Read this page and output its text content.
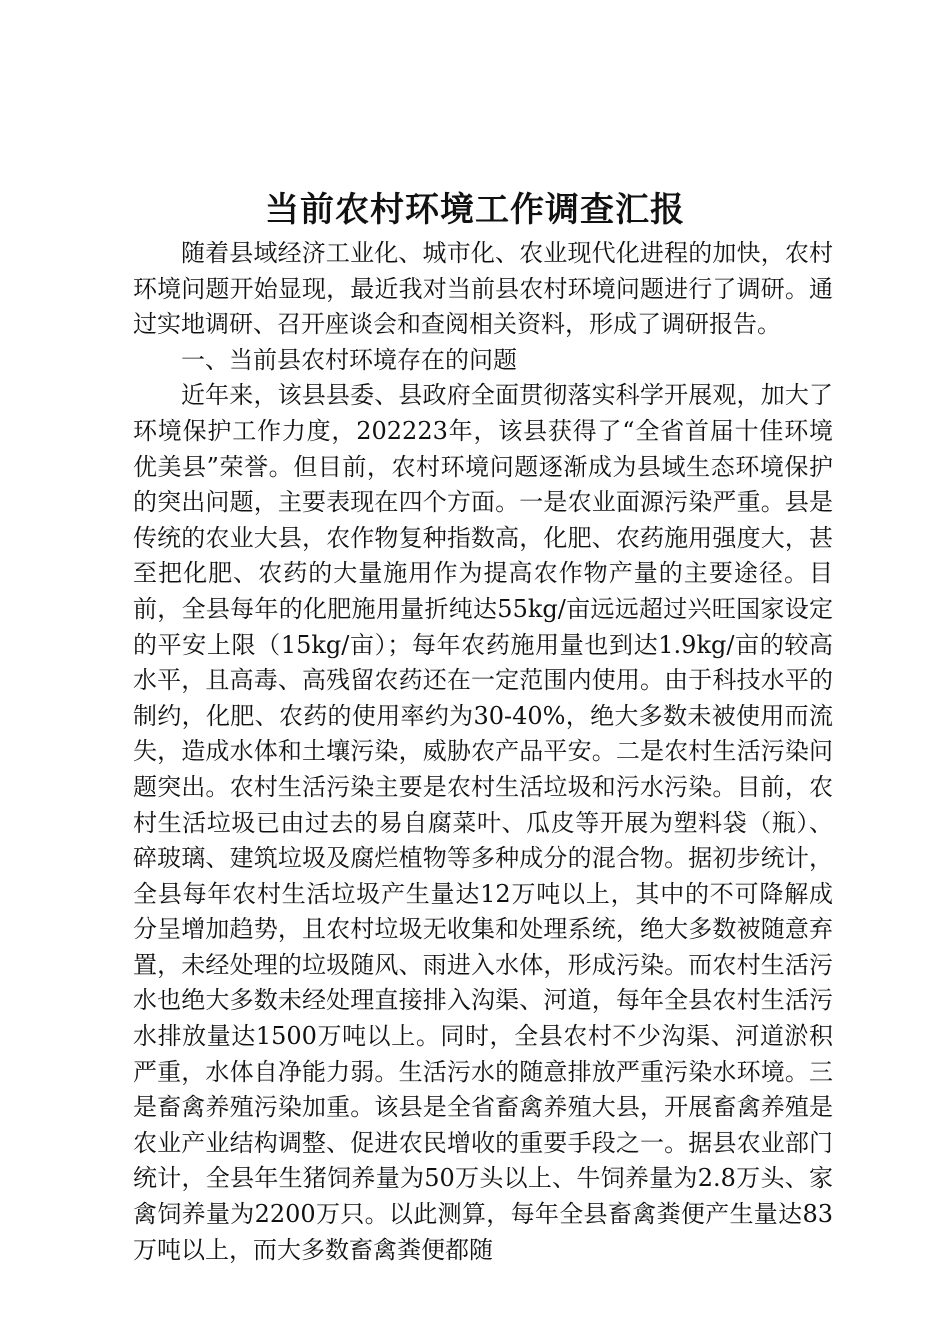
当前农村环境工作调查汇报

随着县域经济工业化、城市化、农业现代化进程的加快，农村环境问题开始显现，最近我对当前县农村环境问题进行了调研。通过实地调研、召开座谈会和查阅相关资料，形成了调研报告。

一、当前县农村环境存在的问题

近年来，该县县委、县政府全面贯彻落实科学开展观，加大了环境保护工作力度，202223年，该县获得了“全省首届十佳环境优美县”荣誉。但目前，农村环境问题逐渐成为县域生态环境保护的突出问题，主要表现在四个方面。一是农业面源污染严重。县是传统的农业大县，农作物复种指数高，化肥、农药施用强度大，甚至把化肥、农药的大量施用作为提高农作物产量的主要途径。目前，全县每年的化肥施用量折纯达55kg/亩远远超过兴旺国家设定的平安上限（15kg/亩）；每年农药施用量也到达1.9kg/亩的较高水平，且高毒、高残留农药还在一定范围内使用。由于科技水平的制约，化肥、农药的使用率约为30-40%，绝大多数未被使用而流失，造成水体和土壤污染，威胁农产品平安。二是农村生活污染问题突出。农村生活污染主要是农村生活垃圾和污水污染。目前，农村生活垃圾已由过去的易自腐菜叶、瓜皮等开展为塑料袋（瓶）、碎玻璃、建筑垃圾及腐烂植物等多种成分的混合物。据初步统计，全县每年农村生活垃圾产生量达12万吨以上，其中的不可降解成分呈增加趋势，且农村垃圾无收集和处理系统，绝大多数被随意弃置，未经处理的垃圾随风、雨进入水体，形成污染。而农村生活污水也绝大多数未经处理直接排入沟渠、河道，每年全县农村生活污水排放量达1500万吨以上。同时，全县农村不少沟渠、河道淤积严重，水体自净能力弱。生活污水的随意排放严重污染水环境。三是畜禽养殖污染加重。该县是全省畜禽养殖大县，开展畜禽养殖是农业产业结构调整、促进农民增收的重要手段之一。据县农业部门统计，全县年生猪饲养量为50万头以上、牛饲养量为2.8万头、家禽饲养量为2200万只。以此测算，每年全县畜禽粪便产生量达83万吨以上，而大多数畜禽粪便都随
